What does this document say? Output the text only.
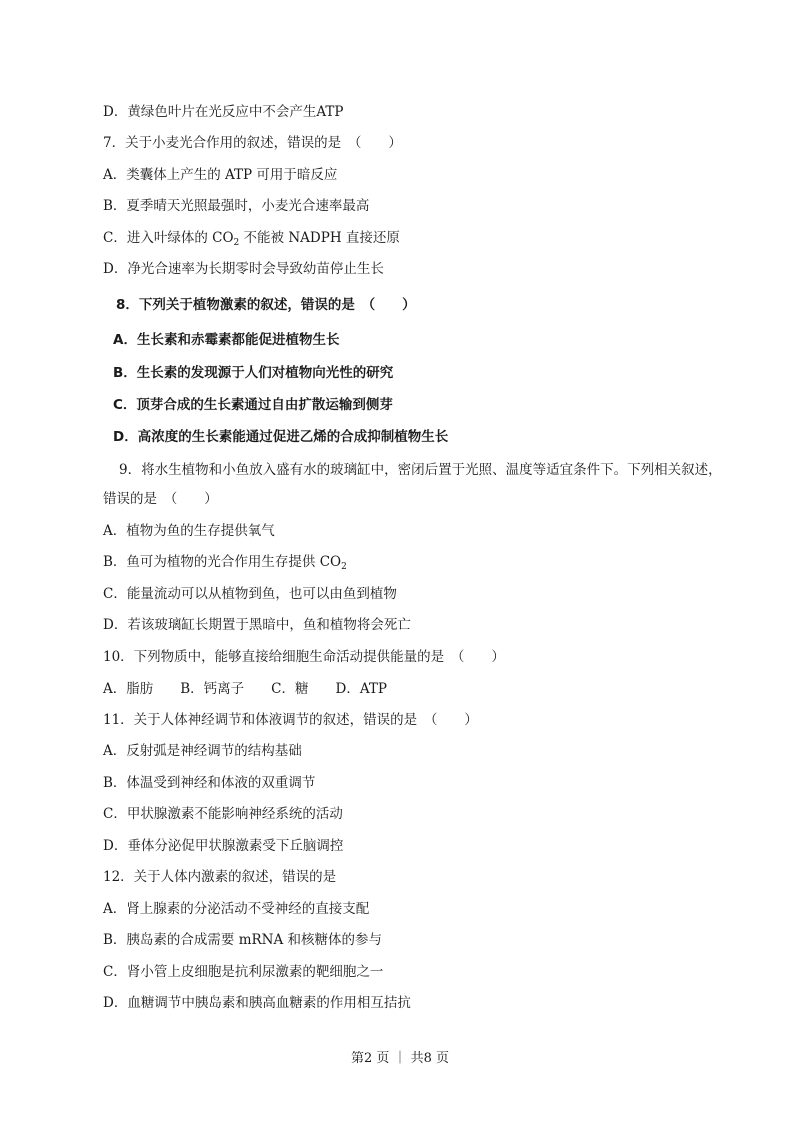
D．黄绿色叶片在光反应中不会产生ATP
7．关于小麦光合作用的叙述，错误的是　（　　）
A．类囊体上产生的 ATP 可用于暗反应
B．夏季晴天光照最强时，小麦光合速率最高
C．进入叶绿体的 $CO_2$ 不能被 NADPH 直接还原
D．净光合速率为长期零时会导致幼苗停止生长
8．下列关于植物激素的叙述，错误的是　（　　）
A．生长素和赤霉素都能促进植物生长
B．生长素的发现源于人们对植物向光性的研究
C．顶芽合成的生长素通过自由扩散运输到侧芽
D．高浓度的生长素能通过促进乙烯的合成抑制植物生长
9．将水生植物和小鱼放入盛有水的玻璃缸中，密闭后置于光照、温度等适宜条件下。下列相关叙述，
错误的是　（　　）
A．植物为鱼的生存提供氧气
B．鱼可为植物的光合作用生存提供 $CO_2$
C．能量流动可以从植物到鱼，也可以由鱼到植物
D．若该玻璃缸长期置于黑暗中，鱼和植物将会死亡
10．下列物质中，能够直接给细胞生命活动提供能量的是　（　　）
A．脂肪　　B．钙离子　　C．糖　　D．ATP
11．关于人体神经调节和体液调节的叙述，错误的是　（　　）
A．反射弧是神经调节的结构基础
B．体温受到神经和体液的双重调节
C．甲状腺激素不能影响神经系统的活动
D．垂体分泌促甲状腺激素受下丘脑调控
12．关于人体内激素的叙述，错误的是
A．肾上腺素的分泌活动不受神经的直接支配
B．胰岛素的合成需要 mRNA 和核糖体的参与
C．肾小管上皮细胞是抗利尿激素的靶细胞之一
D．血糖调节中胰岛素和胰高血糖素的作用相互拮抗
第2 页 ｜ 共8 页
